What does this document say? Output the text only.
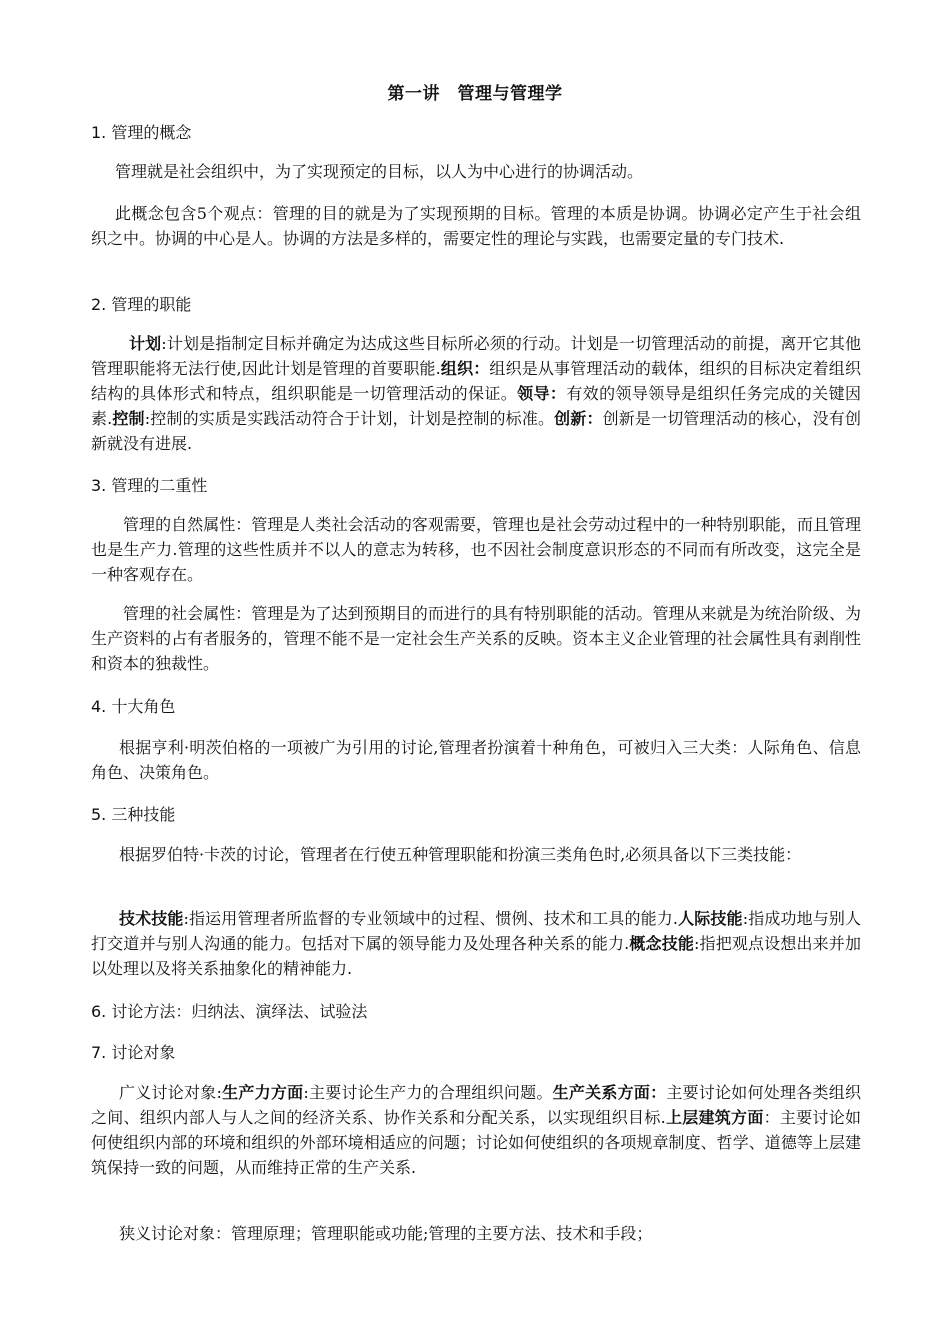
第一讲　管理与管理学
1. 管理的概念
管理就是社会组织中，为了实现预定的目标，以人为中心进行的协调活动。
此概念包含5个观点：管理的目的就是为了实现预期的目标。管理的本质是协调。协调必定产生于社会组织之中。协调的中心是人。协调的方法是多样的，需要定性的理论与实践，也需要定量的专门技术.
2. 管理的职能
计划:计划是指制定目标并确定为达成这些目标所必须的行动。计划是一切管理活动的前提，离开它其他管理职能将无法行使,因此计划是管理的首要职能.组织：组织是从事管理活动的载体，组织的目标决定着组织结构的具体形式和特点，组织职能是一切管理活动的保证。领导：有效的领导领导是组织任务完成的关键因素.控制:控制的实质是实践活动符合于计划，计划是控制的标准。创新：创新是一切管理活动的核心，没有创新就没有进展.
3. 管理的二重性
管理的自然属性：管理是人类社会活动的客观需要，管理也是社会劳动过程中的一种特别职能，而且管理也是生产力.管理的这些性质并不以人的意志为转移，也不因社会制度意识形态的不同而有所改变，这完全是一种客观存在。
管理的社会属性：管理是为了达到预期目的而进行的具有特别职能的活动。管理从来就是为统治阶级、为生产资料的占有者服务的，管理不能不是一定社会生产关系的反映。资本主义企业管理的社会属性具有剥削性和资本的独裁性。
4. 十大角色
根据亨利·明茨伯格的一项被广为引用的讨论,管理者扮演着十种角色，可被归入三大类：人际角色、信息角色、决策角色。
5. 三种技能
根据罗伯特·卡茨的讨论，管理者在行使五种管理职能和扮演三类角色时,必须具备以下三类技能：
技术技能:指运用管理者所监督的专业领域中的过程、惯例、技术和工具的能力.人际技能:指成功地与别人打交道并与别人沟通的能力。包括对下属的领导能力及处理各种关系的能力.概念技能:指把观点设想出来并加以处理以及将关系抽象化的精神能力.
6. 讨论方法：归纳法、演绎法、试验法
7. 讨论对象
广义讨论对象:生产力方面:主要讨论生产力的合理组织问题。生产关系方面：主要讨论如何处理各类组织之间、组织内部人与人之间的经济关系、协作关系和分配关系，以实现组织目标.上层建筑方面：主要讨论如何使组织内部的环境和组织的外部环境相适应的问题；讨论如何使组织的各项规章制度、哲学、道德等上层建筑保持一致的问题，从而维持正常的生产关系.
狭义讨论对象：管理原理；管理职能或功能;管理的主要方法、技术和手段；
